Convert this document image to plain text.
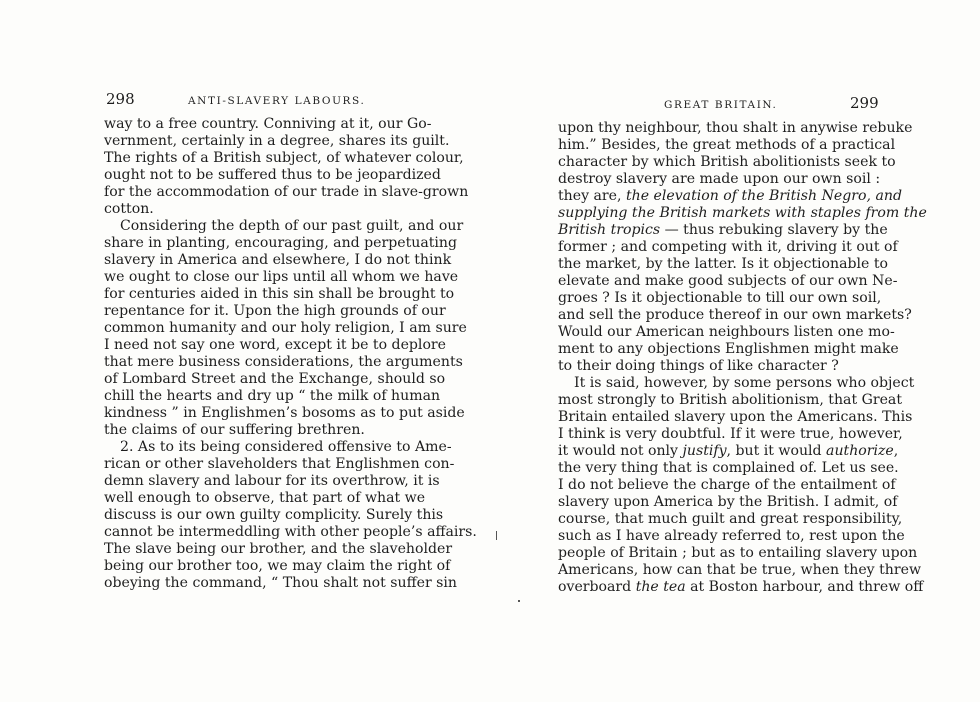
298	ANTI-SLAVERY LABOURS.
way to a free country. Conniving at it, our Go-
vernment, certainly in a degree, shares its guilt.
The rights of a British subject, of whatever colour,
ought not to be suffered thus to be jeopardized
for the accommodation of our trade in slave-grown
cotton.
Considering the depth of our past guilt, and our
share in planting, encouraging, and perpetuating
slavery in America and elsewhere, I do not think
we ought to close our lips until all whom we have
for centuries aided in this sin shall be brought to
repentance for it. Upon the high grounds of our
common humanity and our holy religion, I am sure
I need not say one word, except it be to deplore
that mere business considerations, the arguments
of Lombard Street and the Exchange, should so
chill the hearts and dry up “ the milk of human
kindness ” in Englishmen’s bosoms as to put aside
the claims of our suffering brethren.
2. As to its being considered offensive to Ame-
rican or other slaveholders that Englishmen con-
demn slavery and labour for its overthrow, it is
well enough to observe, that part of what we
discuss is our own guilty complicity. Surely this
cannot be intermeddling with other people’s affairs.
The slave being our brother, and the slaveholder
being our brother too, we may claim the right of
obeying the command, “ Thou shalt not suffer sin
GREAT BRITAIN.	299
upon thy neighbour, thou shalt in anywise rebuke
him.” Besides, the great methods of a practical
character by which British abolitionists seek to
destroy slavery are made upon our own soil :
they are, the elevation of the British Negro, and
supplying the British markets with staples from the
British tropics — thus rebuking slavery by the
former ; and competing with it, driving it out of
the market, by the latter. Is it objectionable to
elevate and make good subjects of our own Ne-
groes ? Is it objectionable to till our own soil,
and sell the produce thereof in our own markets?
Would our American neighbours listen one mo-
ment to any objections Englishmen might make
to their doing things of like character ?
It is said, however, by some persons who object
most strongly to British abolitionism, that Great
Britain entailed slavery upon the Americans. This
I think is very doubtful. If it were true, however,
it would not only justify, but it would authorize,
the very thing that is complained of. Let us see.
I do not believe the charge of the entailment of
slavery upon America by the British. I admit, of
course, that much guilt and great responsibility,
such as I have already referred to, rest upon the
people of Britain ; but as to entailing slavery upon
Americans, how can that be true, when they threw
overboard the tea at Boston harbour, and threw off
